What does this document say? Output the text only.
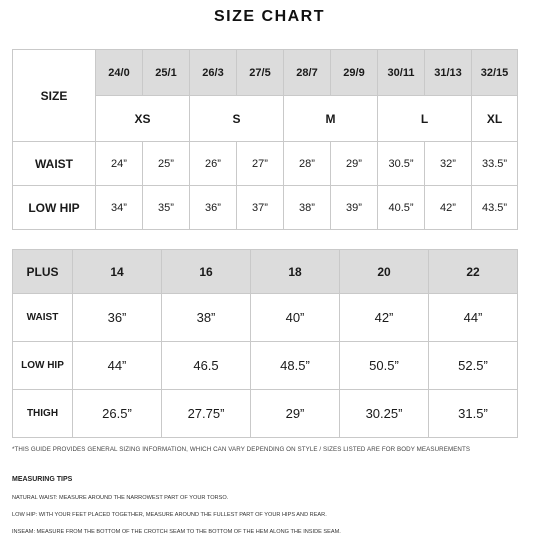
SIZE CHART
SIZE	24/0	25/1	26/3	27/5	28/7	29/9	30/11	31/13	32/15
	XS		S		M		L		XL
WAIST	24”	25”	26”	27”	28”	29”	30.5”	32”	33.5”
LOW HIP	34”	35”	36”	37”	38”	39”	40.5”	42”	43.5”
PLUS	14	16	18	20	22
WAIST	36”	38”	40”	42”	44”
LOW HIP	44”	46.5	48.5”	50.5”	52.5”
THIGH	26.5”	27.75”	29”	30.25”	31.5”
*THIS GUIDE PROVIDES GENERAL SIZING INFORMATION, WHICH CAN VARY DEPENDING ON STYLE / SIZES LISTED ARE FOR BODY MEASUREMENTS
MEASURING TIPS
NATURAL WAIST: MEASURE AROUND THE NARROWEST PART OF YOUR TORSO.
LOW HIP: WITH YOUR FEET PLACED TOGETHER, MEASURE AROUND THE FULLEST PART OF YOUR HIPS AND REAR.
INSEAM: MEASURE FROM THE BOTTOM OF THE CROTCH SEAM TO THE BOTTOM OF THE HEM ALONG THE INSIDE SEAM.
